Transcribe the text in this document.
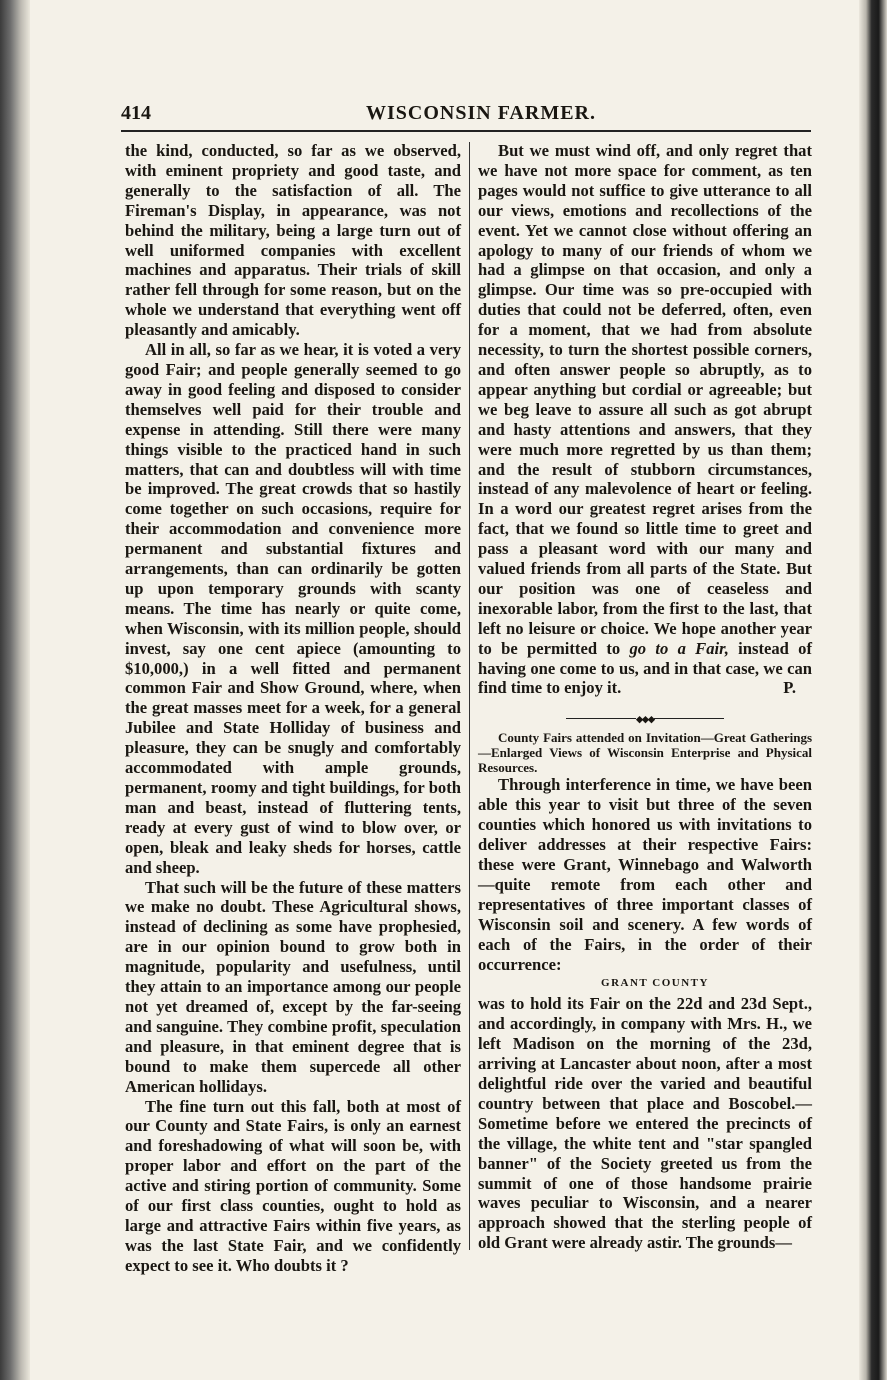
414	WISCONSIN FARMER.

the kind, conducted, so far as we observed, with eminent propriety and good taste, and generally to the satisfaction of all. The Fireman's Display, in appearance, was not behind the military, being a large turn out of well uniformed companies with excellent machines and apparatus. Their trials of skill rather fell through for some reason, but on the whole we understand that everything went off pleasantly and amicably.

All in all, so far as we hear, it is voted a very good Fair; and people generally seemed to go away in good feeling and disposed to consider themselves well paid for their trouble and expense in attending. Still there were many things visible to the practiced hand in such matters, that can and doubtless will with time be improved. The great crowds that so hastily come together on such occasions, require for their accommodation and convenience more permanent and substantial fixtures and arrangements, than can ordinarily be gotten up upon temporary grounds with scanty means. The time has nearly or quite come, when Wisconsin, with its million people, should invest, say one cent apiece (amounting to $10,000,) in a well fitted and permanent common Fair and Show Ground, where, when the great masses meet for a week, for a general Jubilee and State Holliday of business and pleasure, they can be snugly and comfortably accommodated with ample grounds, permanent, roomy and tight buildings, for both man and beast, instead of fluttering tents, ready at every gust of wind to blow over, or open, bleak and leaky sheds for horses, cattle and sheep.

That such will be the future of these matters we make no doubt. These Agricultural shows, instead of declining as some have prophesied, are in our opinion bound to grow both in magnitude, popularity and usefulness, until they attain to an importance among our people not yet dreamed of, except by the far-seeing and sanguine. They combine profit, speculation and pleasure, in that eminent degree that is bound to make them supercede all other American hollidays.

The fine turn out this fall, both at most of our County and State Fairs, is only an earnest and foreshadowing of what will soon be, with proper labor and effort on the part of the active and stiring portion of community. Some of our first class counties, ought to hold as large and attractive Fairs within five years, as was the last State Fair, and we confidently expect to see it. Who doubts it ?

But we must wind off, and only regret that we have not more space for comment, as ten pages would not suffice to give utterance to all our views, emotions and recollections of the event. Yet we cannot close without offering an apology to many of our friends of whom we had a glimpse on that occasion, and only a glimpse. Our time was so pre-occupied with duties that could not be deferred, often, even for a moment, that we had from absolute necessity, to turn the shortest possible corners, and often answer people so abruptly, as to appear anything but cordial or agreeable; but we beg leave to assure all such as got abrupt and hasty attentions and answers, that they were much more regretted by us than them; and the result of stubborn circumstances, instead of any malevolence of heart or feeling. In a word our greatest regret arises from the fact, that we found so little time to greet and pass a pleasant word with our many and valued friends from all parts of the State. But our position was one of ceaseless and inexorable labor, from the first to the last, that left no leisure or choice. We hope another year to be permitted to go to a Fair, instead of having one come to us, and in that case, we can find time to enjoy it.	P.

◆◆◆

County Fairs attended on Invitation—Great Gatherings—Enlarged Views of Wisconsin Enterprise and Physical Resources.

Through interference in time, we have been able this year to visit but three of the seven counties which honored us with invitations to deliver addresses at their respective Fairs: these were Grant, Winnebago and Walworth —quite remote from each other and representatives of three important classes of Wisconsin soil and scenery. A few words of each of the Fairs, in the order of their occurrence:

GRANT COUNTY

was to hold its Fair on the 22d and 23d Sept., and accordingly, in company with Mrs. H., we left Madison on the morning of the 23d, arriving at Lancaster about noon, after a most delightful ride over the varied and beautiful country between that place and Boscobel.— Sometime before we entered the precincts of the village, the white tent and "star spangled banner" of the Society greeted us from the summit of one of those handsome prairie waves peculiar to Wisconsin, and a nearer approach showed that the sterling people of old Grant were already astir. The grounds—
